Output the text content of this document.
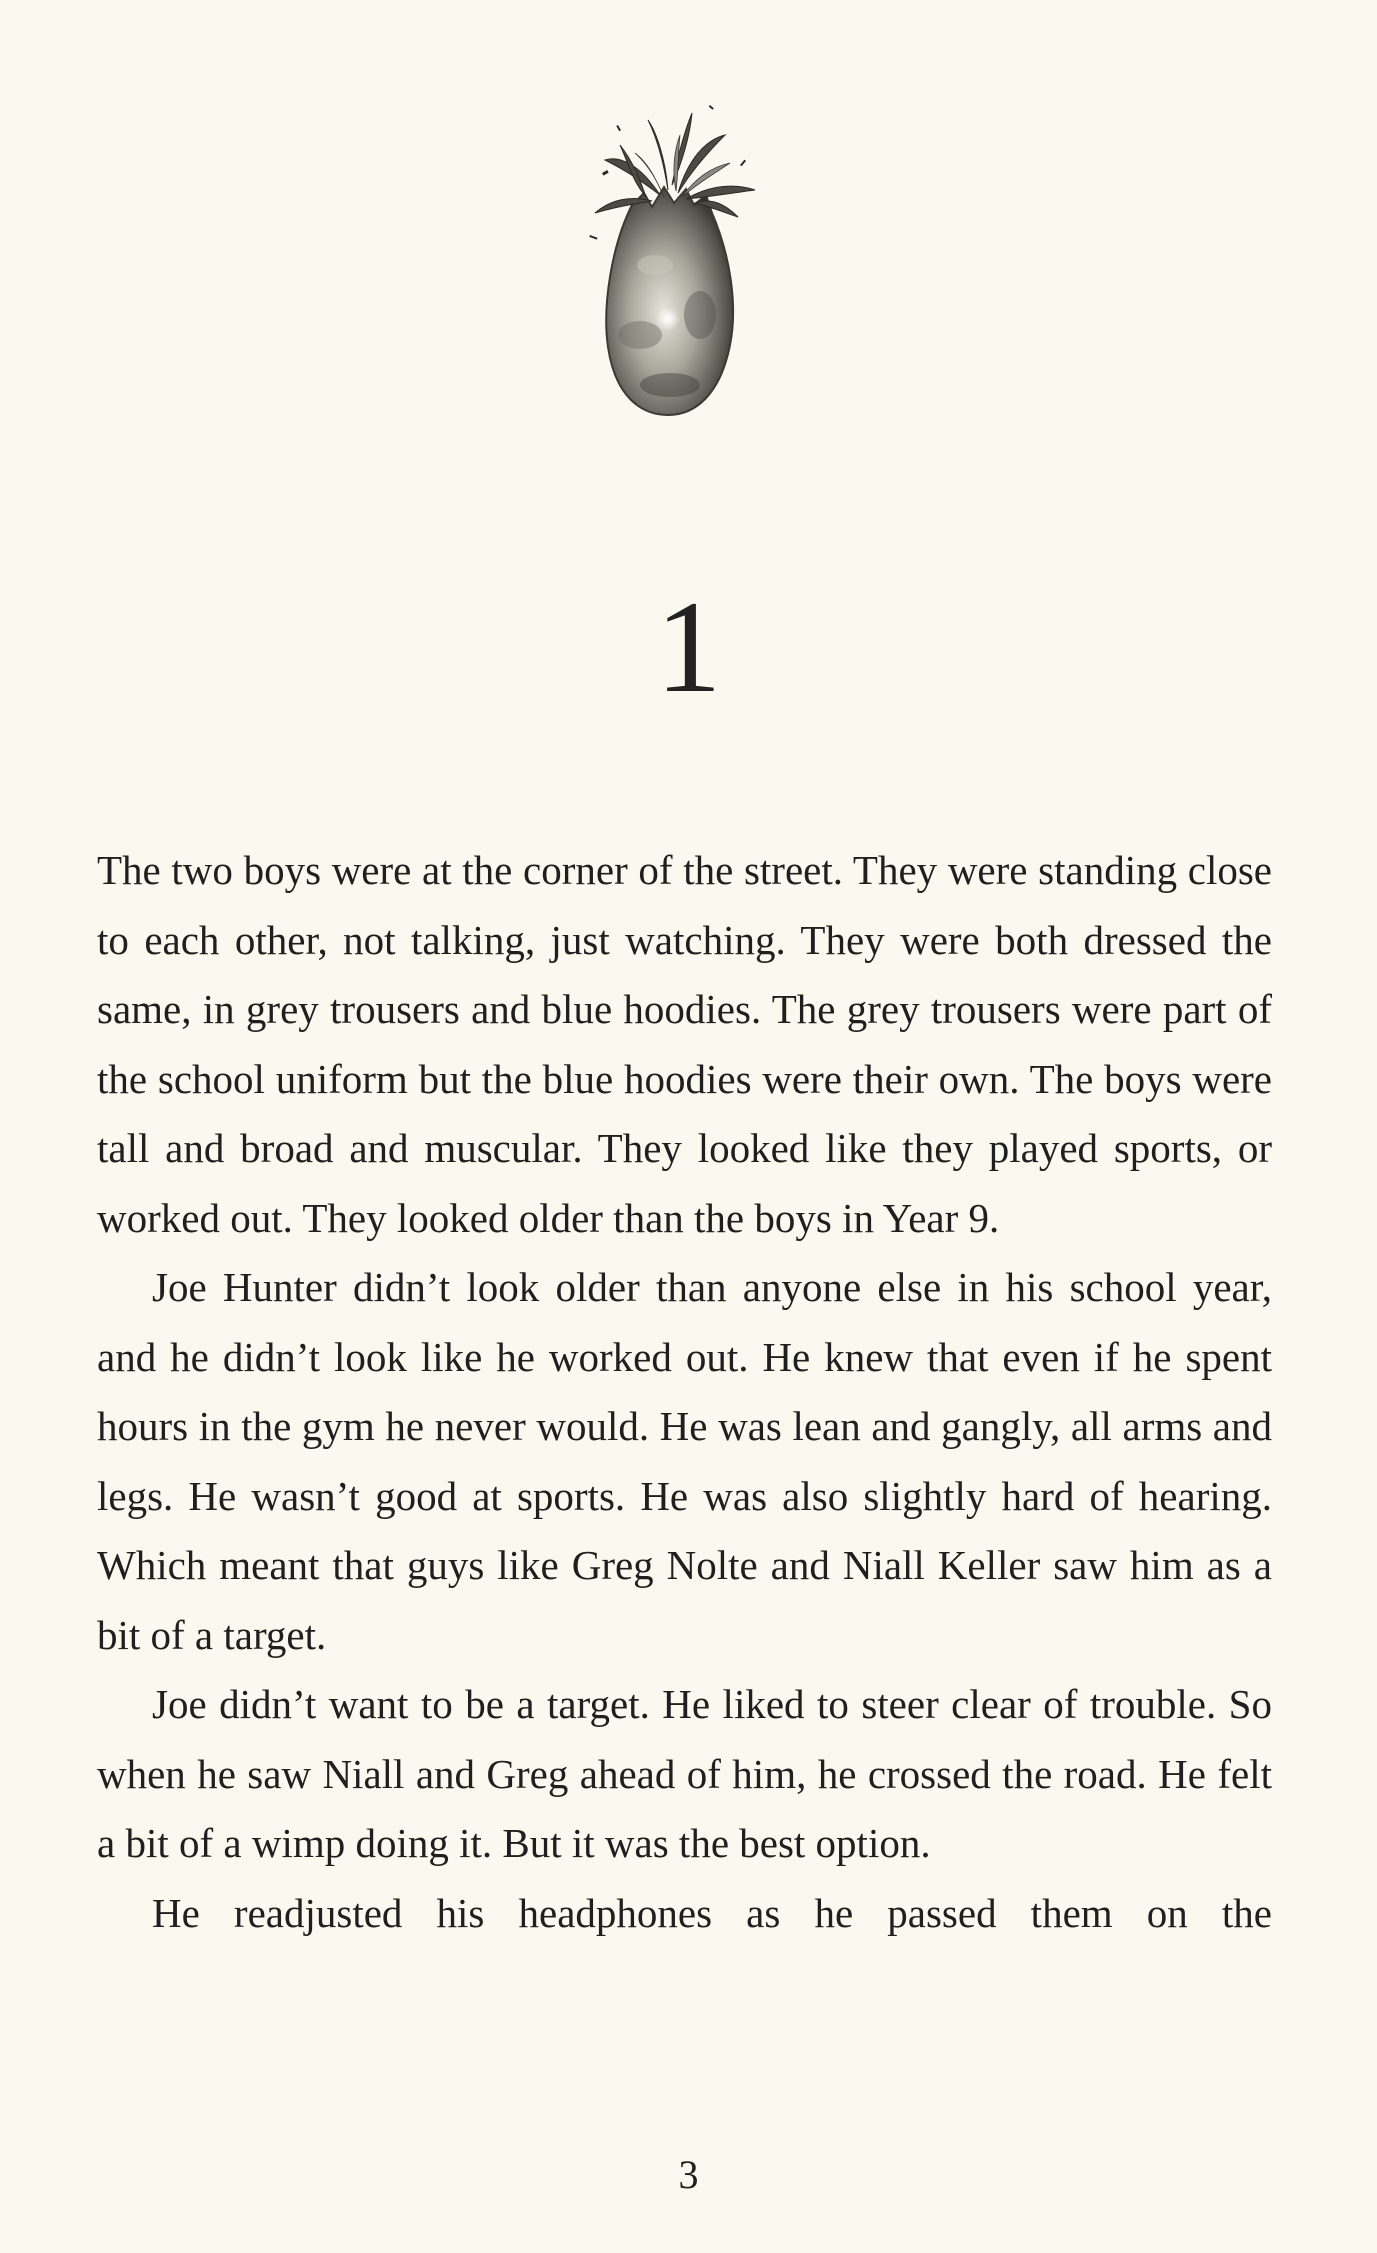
1

The two boys were at the corner of the street. They were standing close to each other, not talking, just watching. They were both dressed the same, in grey trousers and blue hoodies. The grey trousers were part of the school uniform but the blue hoodies were their own. The boys were tall and broad and muscular. They looked like they played sports, or worked out. They looked older than the boys in Year 9.

Joe Hunter didn’t look older than anyone else in his school year, and he didn’t look like he worked out. He knew that even if he spent hours in the gym he never would. He was lean and gangly, all arms and legs. He wasn’t good at sports. He was also slightly hard of hearing. Which meant that guys like Greg Nolte and Niall Keller saw him as a bit of a target.

Joe didn’t want to be a target. He liked to steer clear of trouble. So when he saw Niall and Greg ahead of him, he crossed the road. He felt a bit of a wimp doing it. But it was the best option.

He readjusted his headphones as he passed them on the

3
